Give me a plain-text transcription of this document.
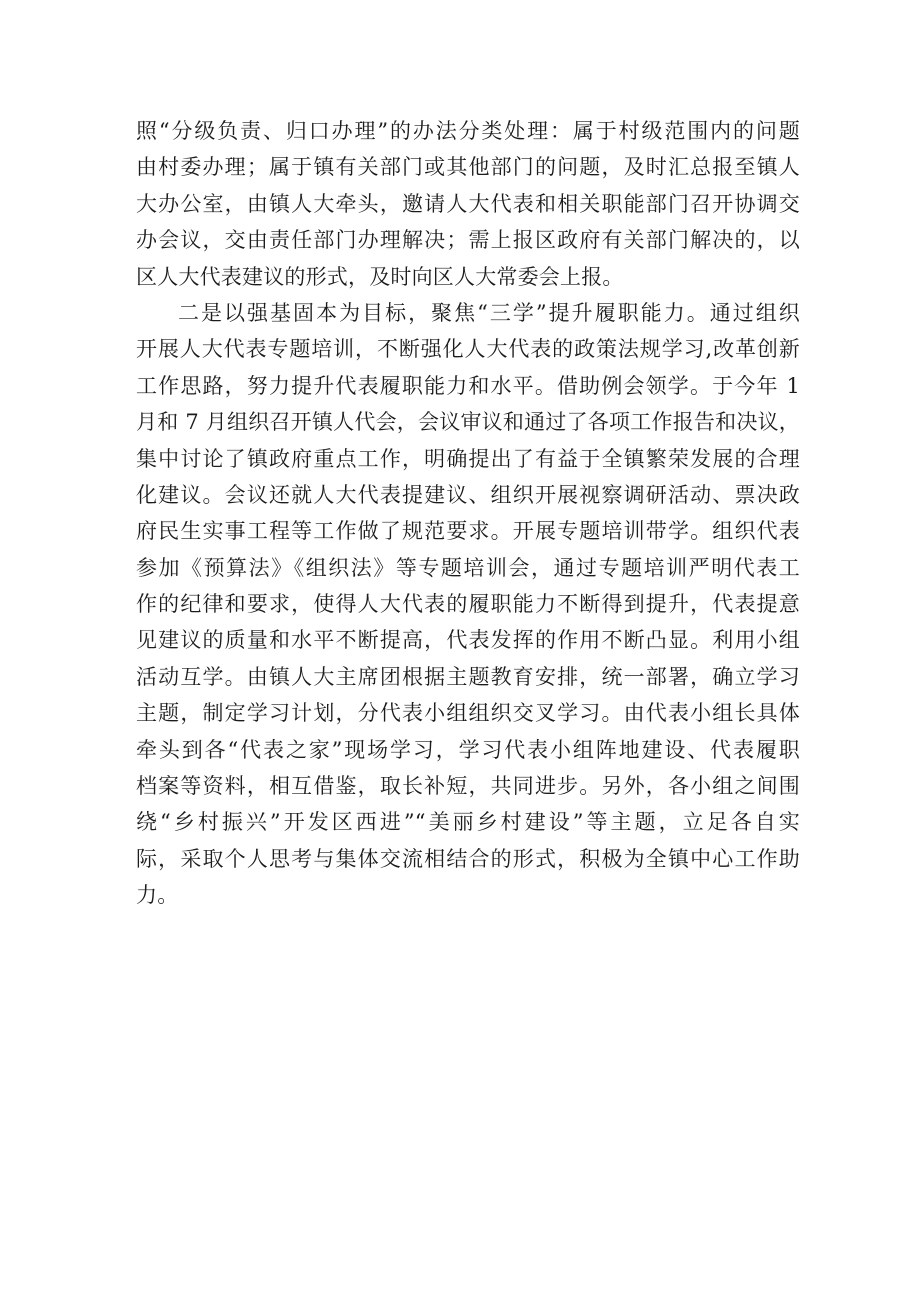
照“分级负责、归口办理”的办法分类处理：属于村级范围内的问题
由村委办理；属于镇有关部门或其他部门的问题，及时汇总报至镇人
大办公室，由镇人大牵头，邀请人大代表和相关职能部门召开协调交
办会议，交由责任部门办理解决；需上报区政府有关部门解决的，以
区人大代表建议的形式，及时向区人大常委会上报。
二是以强基固本为目标，聚焦“三学”提升履职能力。通过组织
开展人大代表专题培训，不断强化人大代表的政策法规学习,改革创新
工作思路，努力提升代表履职能力和水平。借助例会领学。于今年 1
月和 7 月组织召开镇人代会，会议审议和通过了各项工作报告和决议，
集中讨论了镇政府重点工作，明确提出了有益于全镇繁荣发展的合理
化建议。会议还就人大代表提建议、组织开展视察调研活动、票决政
府民生实事工程等工作做了规范要求。开展专题培训带学。组织代表
参加《预算法》《组织法》等专题培训会，通过专题培训严明代表工
作的纪律和要求，使得人大代表的履职能力不断得到提升，代表提意
见建议的质量和水平不断提高，代表发挥的作用不断凸显。利用小组
活动互学。由镇人大主席团根据主题教育安排，统一部署，确立学习
主题，制定学习计划，分代表小组组织交叉学习。由代表小组长具体
牵头到各“代表之家”现场学习，学习代表小组阵地建设、代表履职
档案等资料，相互借鉴，取长补短，共同进步。另外，各小组之间围
绕“乡村振兴”开发区西进”“美丽乡村建设”等主题，立足各自实
际，采取个人思考与集体交流相结合的形式，积极为全镇中心工作助
力。
